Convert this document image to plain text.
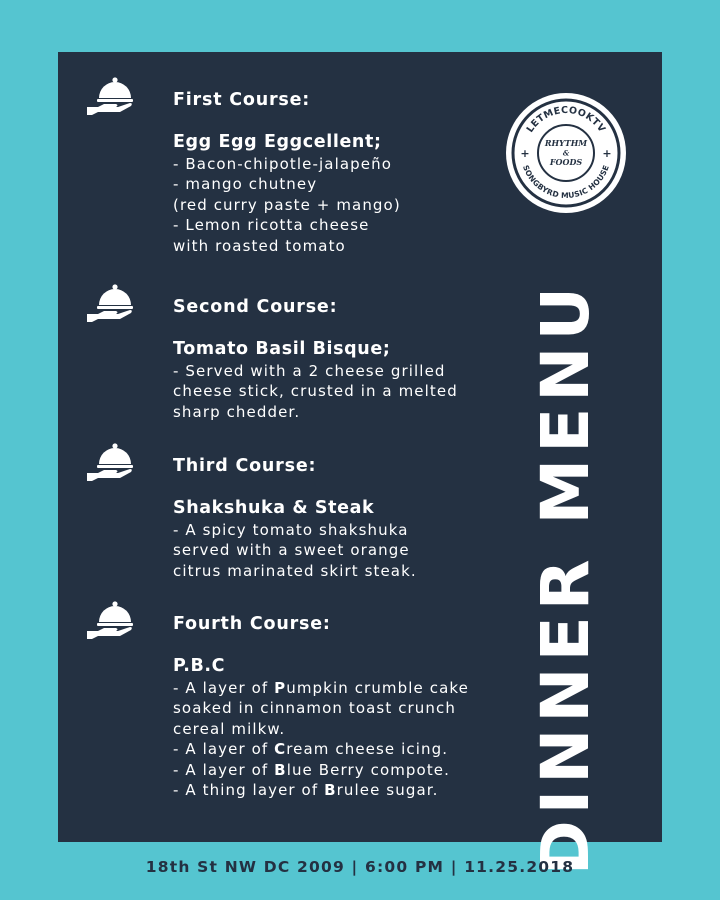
First Course:
Egg Egg Eggcellent;
- Bacon-chipotle-jalapeño
- mango chutney
(red curry paste + mango)
- Lemon ricotta cheese
with roasted tomato
Second Course:
Tomato Basil Bisque;
- Served with a 2 cheese grilled
cheese stick, crusted in a melted
sharp chedder.
Third Course:
Shakshuka & Steak
- A spicy tomato shakshuka
served with a sweet orange
citrus marinated skirt steak.
Fourth Course:
P.B.C
- A layer of Pumpkin crumble cake
soaked in cinnamon toast crunch
cereal milkw.
- A layer of Cream cheese icing.
- A layer of Blue Berry compote.
- A thing layer of Brulee sugar.
LETMECOOKTV
SONGBYRD MUSIC HOUSE
+	+
RHYTHM
&
FOODS
DINNER MENU
18th St NW DC 2009 | 6:00 PM | 11.25.2018
